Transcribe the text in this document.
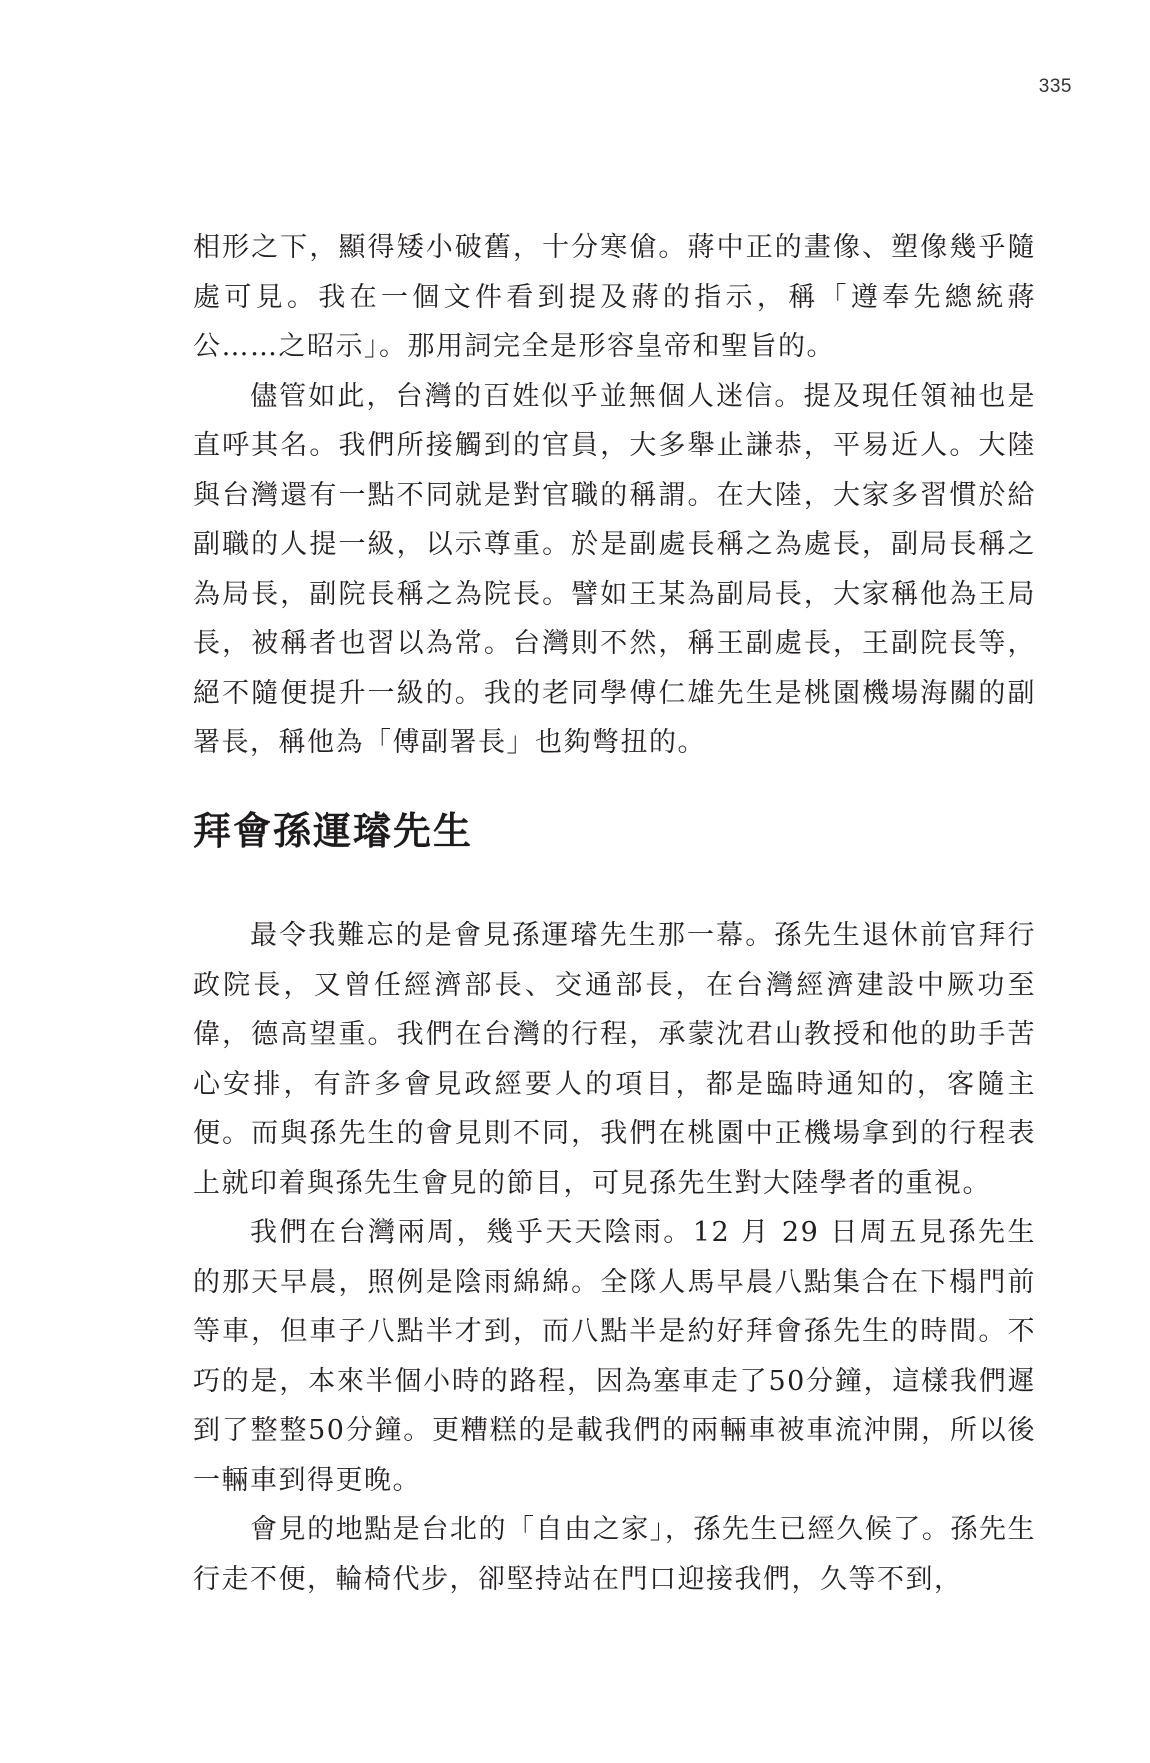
335

相形之下，顯得矮小破舊，十分寒傖。蔣中正的畫像、塑像幾乎隨處可見。我在一個文件看到提及蔣的指示，稱「遵奉先總統蔣公……之昭示」。那用詞完全是形容皇帝和聖旨的。

儘管如此，台灣的百姓似乎並無個人迷信。提及現任領袖也是直呼其名。我們所接觸到的官員，大多舉止謙恭，平易近人。大陸與台灣還有一點不同就是對官職的稱謂。在大陸，大家多習慣於給副職的人提一級，以示尊重。於是副處長稱之為處長，副局長稱之為局長，副院長稱之為院長。譬如王某為副局長，大家稱他為王局長，被稱者也習以為常。台灣則不然，稱王副處長，王副院長等，絕不隨便提升一級的。我的老同學傅仁雄先生是桃園機場海關的副署長，稱他為「傅副署長」也夠彆扭的。

拜會孫運璿先生

最令我難忘的是會見孫運璿先生那一幕。孫先生退休前官拜行政院長，又曾任經濟部長、交通部長，在台灣經濟建設中厥功至偉，德高望重。我們在台灣的行程，承蒙沈君山教授和他的助手苦心安排，有許多會見政經要人的項目，都是臨時通知的，客隨主便。而與孫先生的會見則不同，我們在桃園中正機場拿到的行程表上就印着與孫先生會見的節目，可見孫先生對大陸學者的重視。

我們在台灣兩周，幾乎天天陰雨。12 月 29 日周五見孫先生的那天早晨，照例是陰雨綿綿。全隊人馬早晨八點集合在下榻門前等車，但車子八點半才到，而八點半是約好拜會孫先生的時間。不巧的是，本來半個小時的路程，因為塞車走了50分鐘，這樣我們遲到了整整50分鐘。更糟糕的是載我們的兩輛車被車流沖開，所以後一輛車到得更晚。

會見的地點是台北的「自由之家」，孫先生已經久候了。孫先生行走不便，輪椅代步，卻堅持站在門口迎接我們，久等不到，
